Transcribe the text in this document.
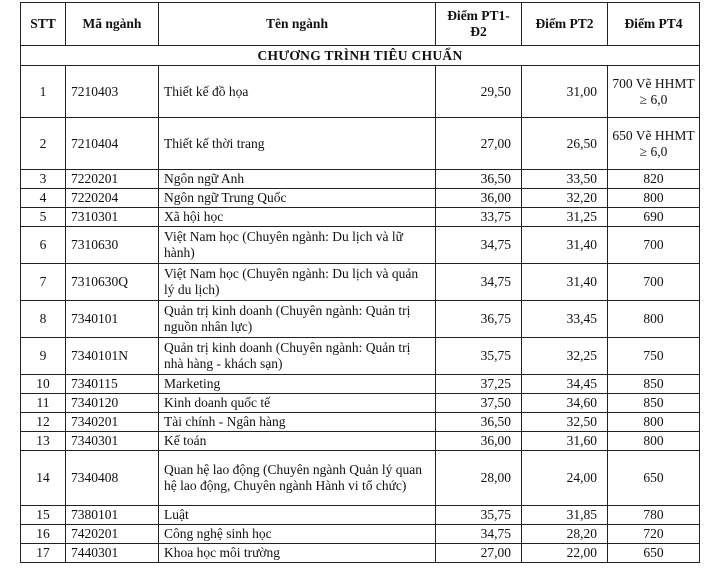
STT	Mã ngành	Tên ngành	Điểm PT1-Đ2	Điểm PT2	Điểm PT4
CHƯƠNG TRÌNH TIÊU CHUẨN					
1	7210403	Thiết kế đồ họa	29,50	31,00	700 Vẽ HHMT ≥ 6,0
2	7210404	Thiết kế thời trang	27,00	26,50	650 Vẽ HHMT ≥ 6,0
3	7220201	Ngôn ngữ Anh	36,50	33,50	820
4	7220204	Ngôn ngữ Trung Quốc	36,00	32,20	800
5	7310301	Xã hội học	33,75	31,25	690
6	7310630	Việt Nam học (Chuyên ngành: Du lịch và lữ hành)	34,75	31,40	700
7	7310630Q	Việt Nam học (Chuyên ngành: Du lịch và quản lý du lịch)	34,75	31,40	700
8	7340101	Quản trị kinh doanh (Chuyên ngành: Quản trị nguồn nhân lực)	36,75	33,45	800
9	7340101N	Quản trị kinh doanh (Chuyên ngành: Quản trị nhà hàng - khách sạn)	35,75	32,25	750
10	7340115	Marketing	37,25	34,45	850
11	7340120	Kinh doanh quốc tế	37,50	34,60	850
12	7340201	Tài chính - Ngân hàng	36,50	32,50	800
13	7340301	Kế toán	36,00	31,60	800
14	7340408	Quan hệ lao động (Chuyên ngành Quản lý quan hệ lao động, Chuyên ngành Hành vi tổ chức)	28,00	24,00	650
15	7380101	Luật	35,75	31,85	780
16	7420201	Công nghệ sinh học	34,75	28,20	720
17	7440301	Khoa học môi trường	27,00	22,00	650
